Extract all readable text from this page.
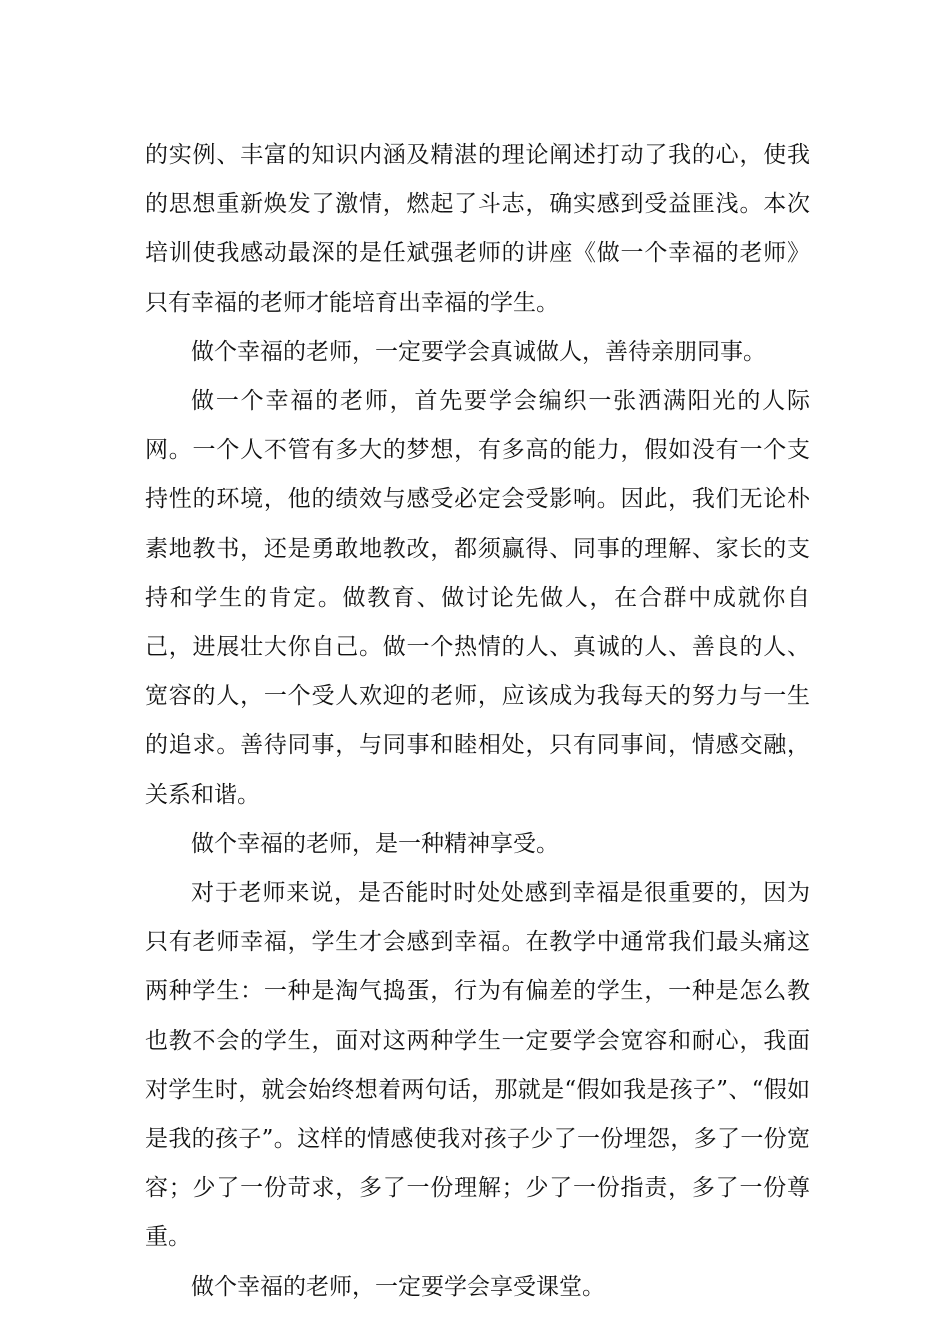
的实例、丰富的知识内涵及精湛的理论阐述打动了我的心，使我的思想重新焕发了激情，燃起了斗志，确实感到受益匪浅。本次培训使我感动最深的是任斌强老师的讲座《做一个幸福的老师》只有幸福的老师才能培育出幸福的学生。

做个幸福的老师，一定要学会真诚做人，善待亲朋同事。

做一个幸福的老师，首先要学会编织一张洒满阳光的人际网。一个人不管有多大的梦想，有多高的能力，假如没有一个支持性的环境，他的绩效与感受必定会受影响。因此，我们无论朴素地教书，还是勇敢地教改，都须赢得、同事的理解、家长的支持和学生的肯定。做教育、做讨论先做人，在合群中成就你自己，进展壮大你自己。做一个热情的人、真诚的人、善良的人、宽容的人，一个受人欢迎的老师，应该成为我每天的努力与一生的追求。善待同事，与同事和睦相处，只有同事间，情感交融，关系和谐。

做个幸福的老师，是一种精神享受。

对于老师来说，是否能时时处处感到幸福是很重要的，因为只有老师幸福，学生才会感到幸福。在教学中通常我们最头痛这两种学生：一种是淘气捣蛋，行为有偏差的学生，一种是怎么教也教不会的学生，面对这两种学生一定要学会宽容和耐心，我面对学生时，就会始终想着两句话，那就是“假如我是孩子”、“假如是我的孩子”。这样的情感使我对孩子少了一份埋怨，多了一份宽容；少了一份苛求，多了一份理解；少了一份指责，多了一份尊重。

做个幸福的老师，一定要学会享受课堂。
